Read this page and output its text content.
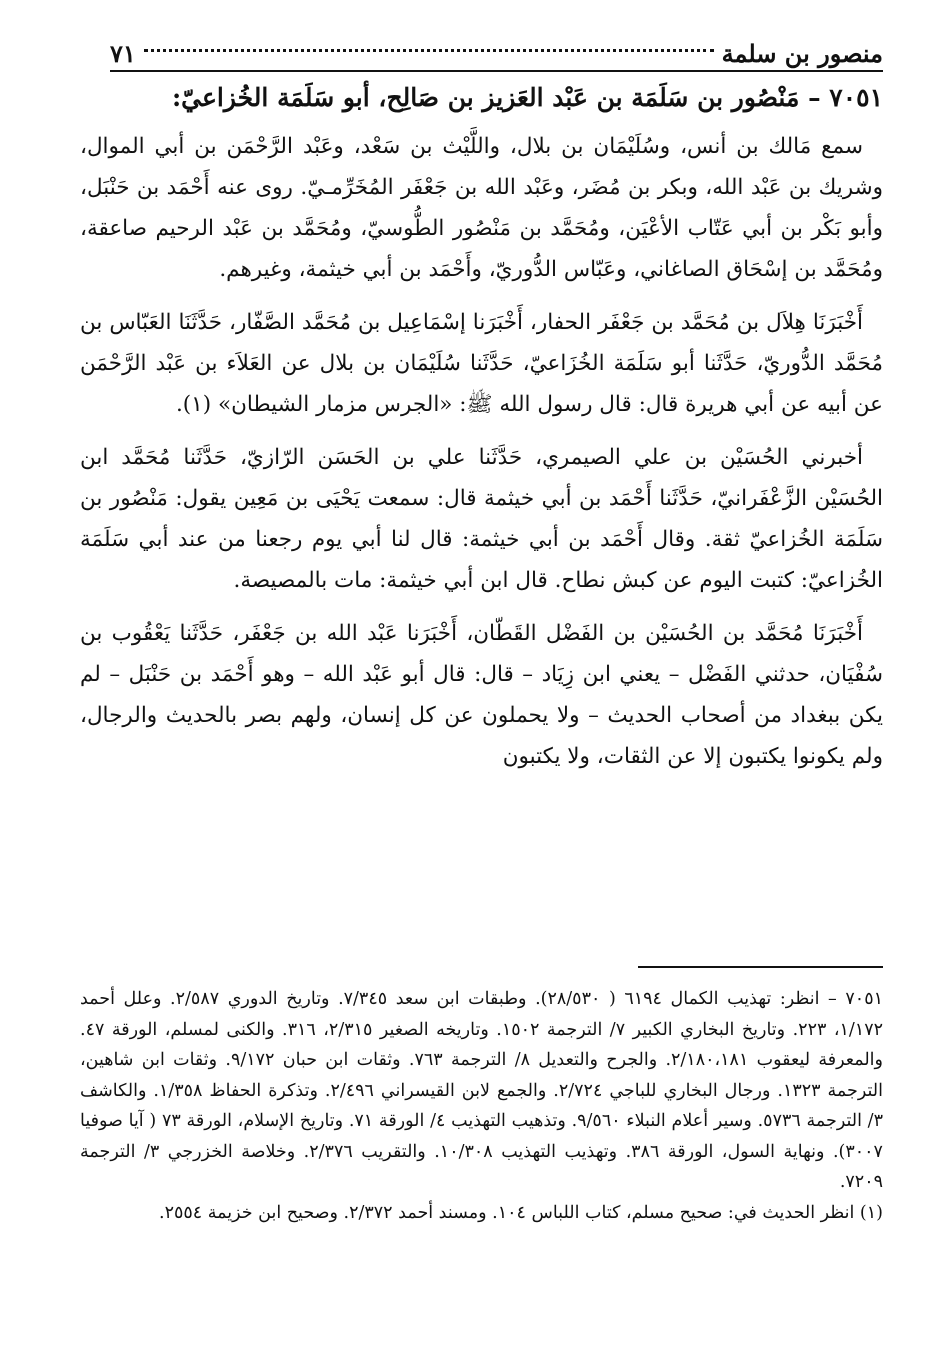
منصور بن سلمة
٧١
٧٠٥١ – مَنْصُور بن سَلَمَة بن عَبْد العَزيز بن صَالِح، أبو سَلَمَة الخُزاعيّ:

سمع مَالك بن أنس، وسُلَيْمَان بن بلال، واللَّيْث بن سَعْد، وعَبْد الرَّحْمَن بن أبي الموال، وشريك بن عَبْد الله، وبكر بن مُضَر، وعَبْد الله بن جَعْفَر المُخَرِّمـيّ. روى عنه أَحْمَد بن حَنْبَل، وأبو بَكْر بن أبي عَتّاب الأعْيَن، ومُحَمَّد بن مَنْصُور الطُّوسيّ، ومُحَمَّد بن عَبْد الرحيم صاعقة، ومُحَمَّد بن إسْحَاق الصاغاني، وعَبّاس الدُّوريّ، وأَحْمَد بن أبي خيثمة، وغيرهم.

أَخْبَرَنَا هِلاَل بن مُحَمَّد بن جَعْفَر الحفار، أَخْبَرَنا إسْمَاعِيل بن مُحَمَّد الصَّفّار، حَدَّثَنَا العَبّاس بن مُحَمَّد الدُّوريّ، حَدَّثَنا أبو سَلَمَة الخُزَاعيّ، حَدَّثَنا سُلَيْمَان بن بلال عن العَلاَء بن عَبْد الرَّحْمَن عن أبيه عن أبي هريرة قال: قال رسول الله ﷺ: «الجرس مزمار الشيطان» (١).

أخبرني الحُسَيْن بن علي الصيمري، حَدَّثَنا علي بن الحَسَن الرّازيّ، حَدَّثَنا مُحَمَّد ابن الحُسَيْن الزَّعْفَرانيّ، حَدَّثَنا أَحْمَد بن أبي خيثمة قال: سمعت يَحْيَى بن مَعِين يقول: مَنْصُور بن سَلَمَة الخُزاعيّ ثقة. وقال أَحْمَد بن أبي خيثمة: قال لنا أبي يوم رجعنا من عند أبي سَلَمَة الخُزاعيّ: كتبت اليوم عن كبش نطاح. قال ابن أبي خيثمة: مات بالمصيصة.

أَخْبَرَنَا مُحَمَّد بن الحُسَيْن بن الفَضْل القَطّان، أَخْبَرَنا عَبْد الله بن جَعْفَر، حَدَّثَنا يَعْقُوب بن سُفْيَان، حدثني الفَضْل – يعني ابن زِيَاد – قال: قال أبو عَبْد الله – وهو أَحْمَد بن حَنْبَل – لم يكن ببغداد من أصحاب الحديث – ولا يحملون عن كل إنسان، ولهم بصر بالحديث والرجال، ولم يكونوا يكتبون إلا عن الثقات، ولا يكتبون

٧٠٥١ – انظر: تهذيب الكمال ٦١٩٤ ( ٢٨/٥٣٠). وطبقات ابن سعد ٧/٣٤٥. وتاريخ الدوري ٢/٥٨٧. وعلل أحمد ١/١٧٢، ٢٢٣. وتاريخ البخاري الكبير ٧/ الترجمة ١٥٠٢. وتاريخه الصغير ٢/٣١٥، ٣١٦. والكنى لمسلم، الورقة ٤٧. والمعرفة ليعقوب ٢/١٨٠،١٨١. والجرح والتعديل ٨/ الترجمة ٧٦٣. وثقات ابن حبان ٩/١٧٢. وثقات ابن شاهين، الترجمة ١٣٢٣. ورجال البخاري للباجي ٢/٧٢٤. والجمع لابن القيسراني ٢/٤٩٦. وتذكرة الحفاظ ١/٣٥٨. والكاشف ٣/ الترجمة ٥٧٣٦. وسير أعلام النبلاء ٩/٥٦٠. وتذهيب التهذيب ٤/ الورقة ٧١. وتاريخ الإسلام، الورقة ٧٣ ( آيا صوفيا ٣٠٠٧). ونهاية السول، الورقة ٣٨٦. وتهذيب التهذيب ١٠/٣٠٨. والتقريب ٢/٣٧٦. وخلاصة الخزرجي ٣/ الترجمة ٧٢٠٩.

(١) انظر الحديث في: صحيح مسلم، كتاب اللباس ١٠٤. ومسند أحمد ٢/٣٧٢. وصحيح ابن خزيمة ٢٥٥٤.
